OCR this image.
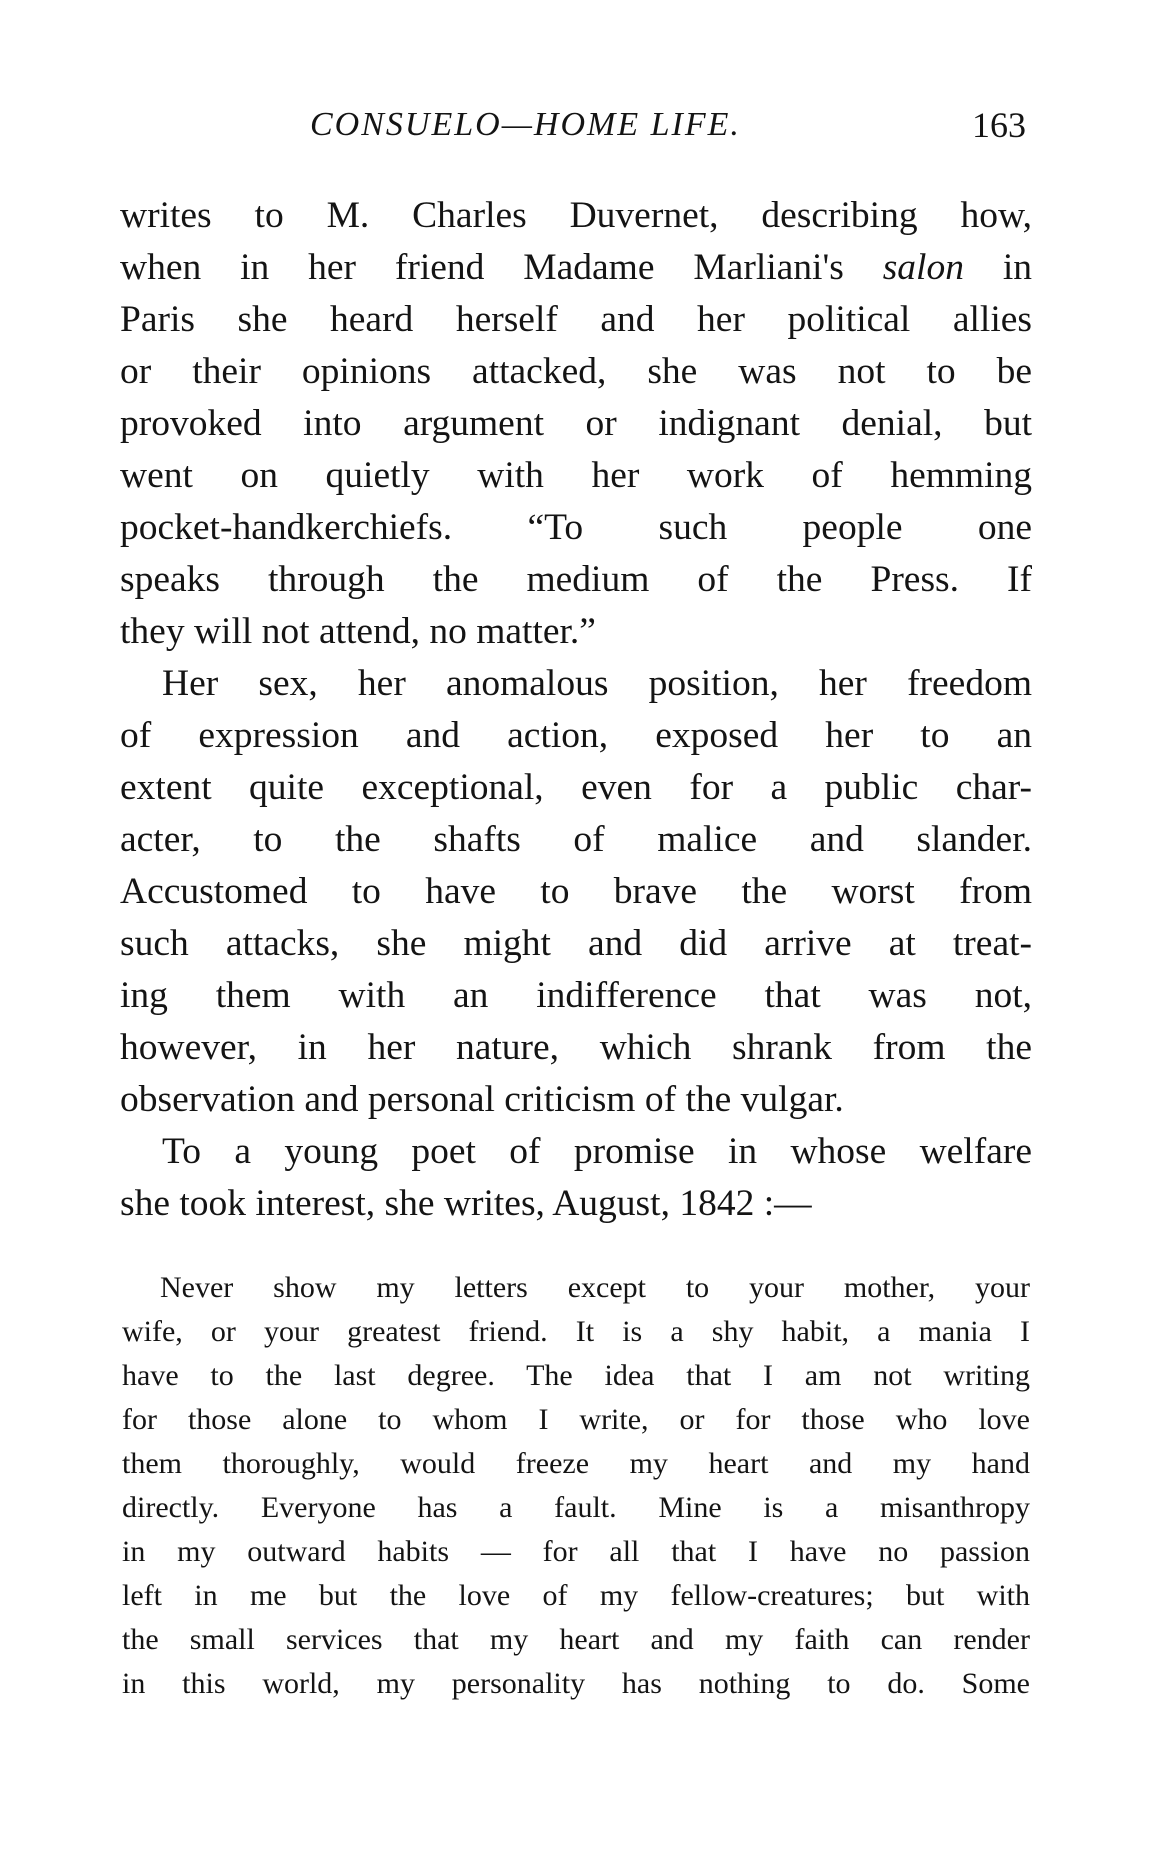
CONSUELO—HOME LIFE.	163
writes to M. Charles Duvernet, describing how,
when in her friend Madame Marliani's salon in
Paris she heard herself and her political allies
or their opinions attacked, she was not to be
provoked into argument or indignant denial, but
went on quietly with her work of hemming
pocket-handkerchiefs. “To such people one
speaks through the medium of the Press. If
they will not attend, no matter.”
Her sex, her anomalous position, her freedom
of expression and action, exposed her to an
extent quite exceptional, even for a public char-
acter, to the shafts of malice and slander.
Accustomed to have to brave the worst from
such attacks, she might and did arrive at treat-
ing them with an indifference that was not,
however, in her nature, which shrank from the
observation and personal criticism of the vulgar.
To a young poet of promise in whose welfare
she took interest, she writes, August, 1842 :—
Never show my letters except to your mother, your
wife, or your greatest friend. It is a shy habit, a mania I
have to the last degree. The idea that I am not writing
for those alone to whom I write, or for those who love
them thoroughly, would freeze my heart and my hand
directly. Everyone has a fault. Mine is a misanthropy
in my outward habits — for all that I have no passion
left in me but the love of my fellow-creatures; but with
the small services that my heart and my faith can render
in this world, my personality has nothing to do. Some
